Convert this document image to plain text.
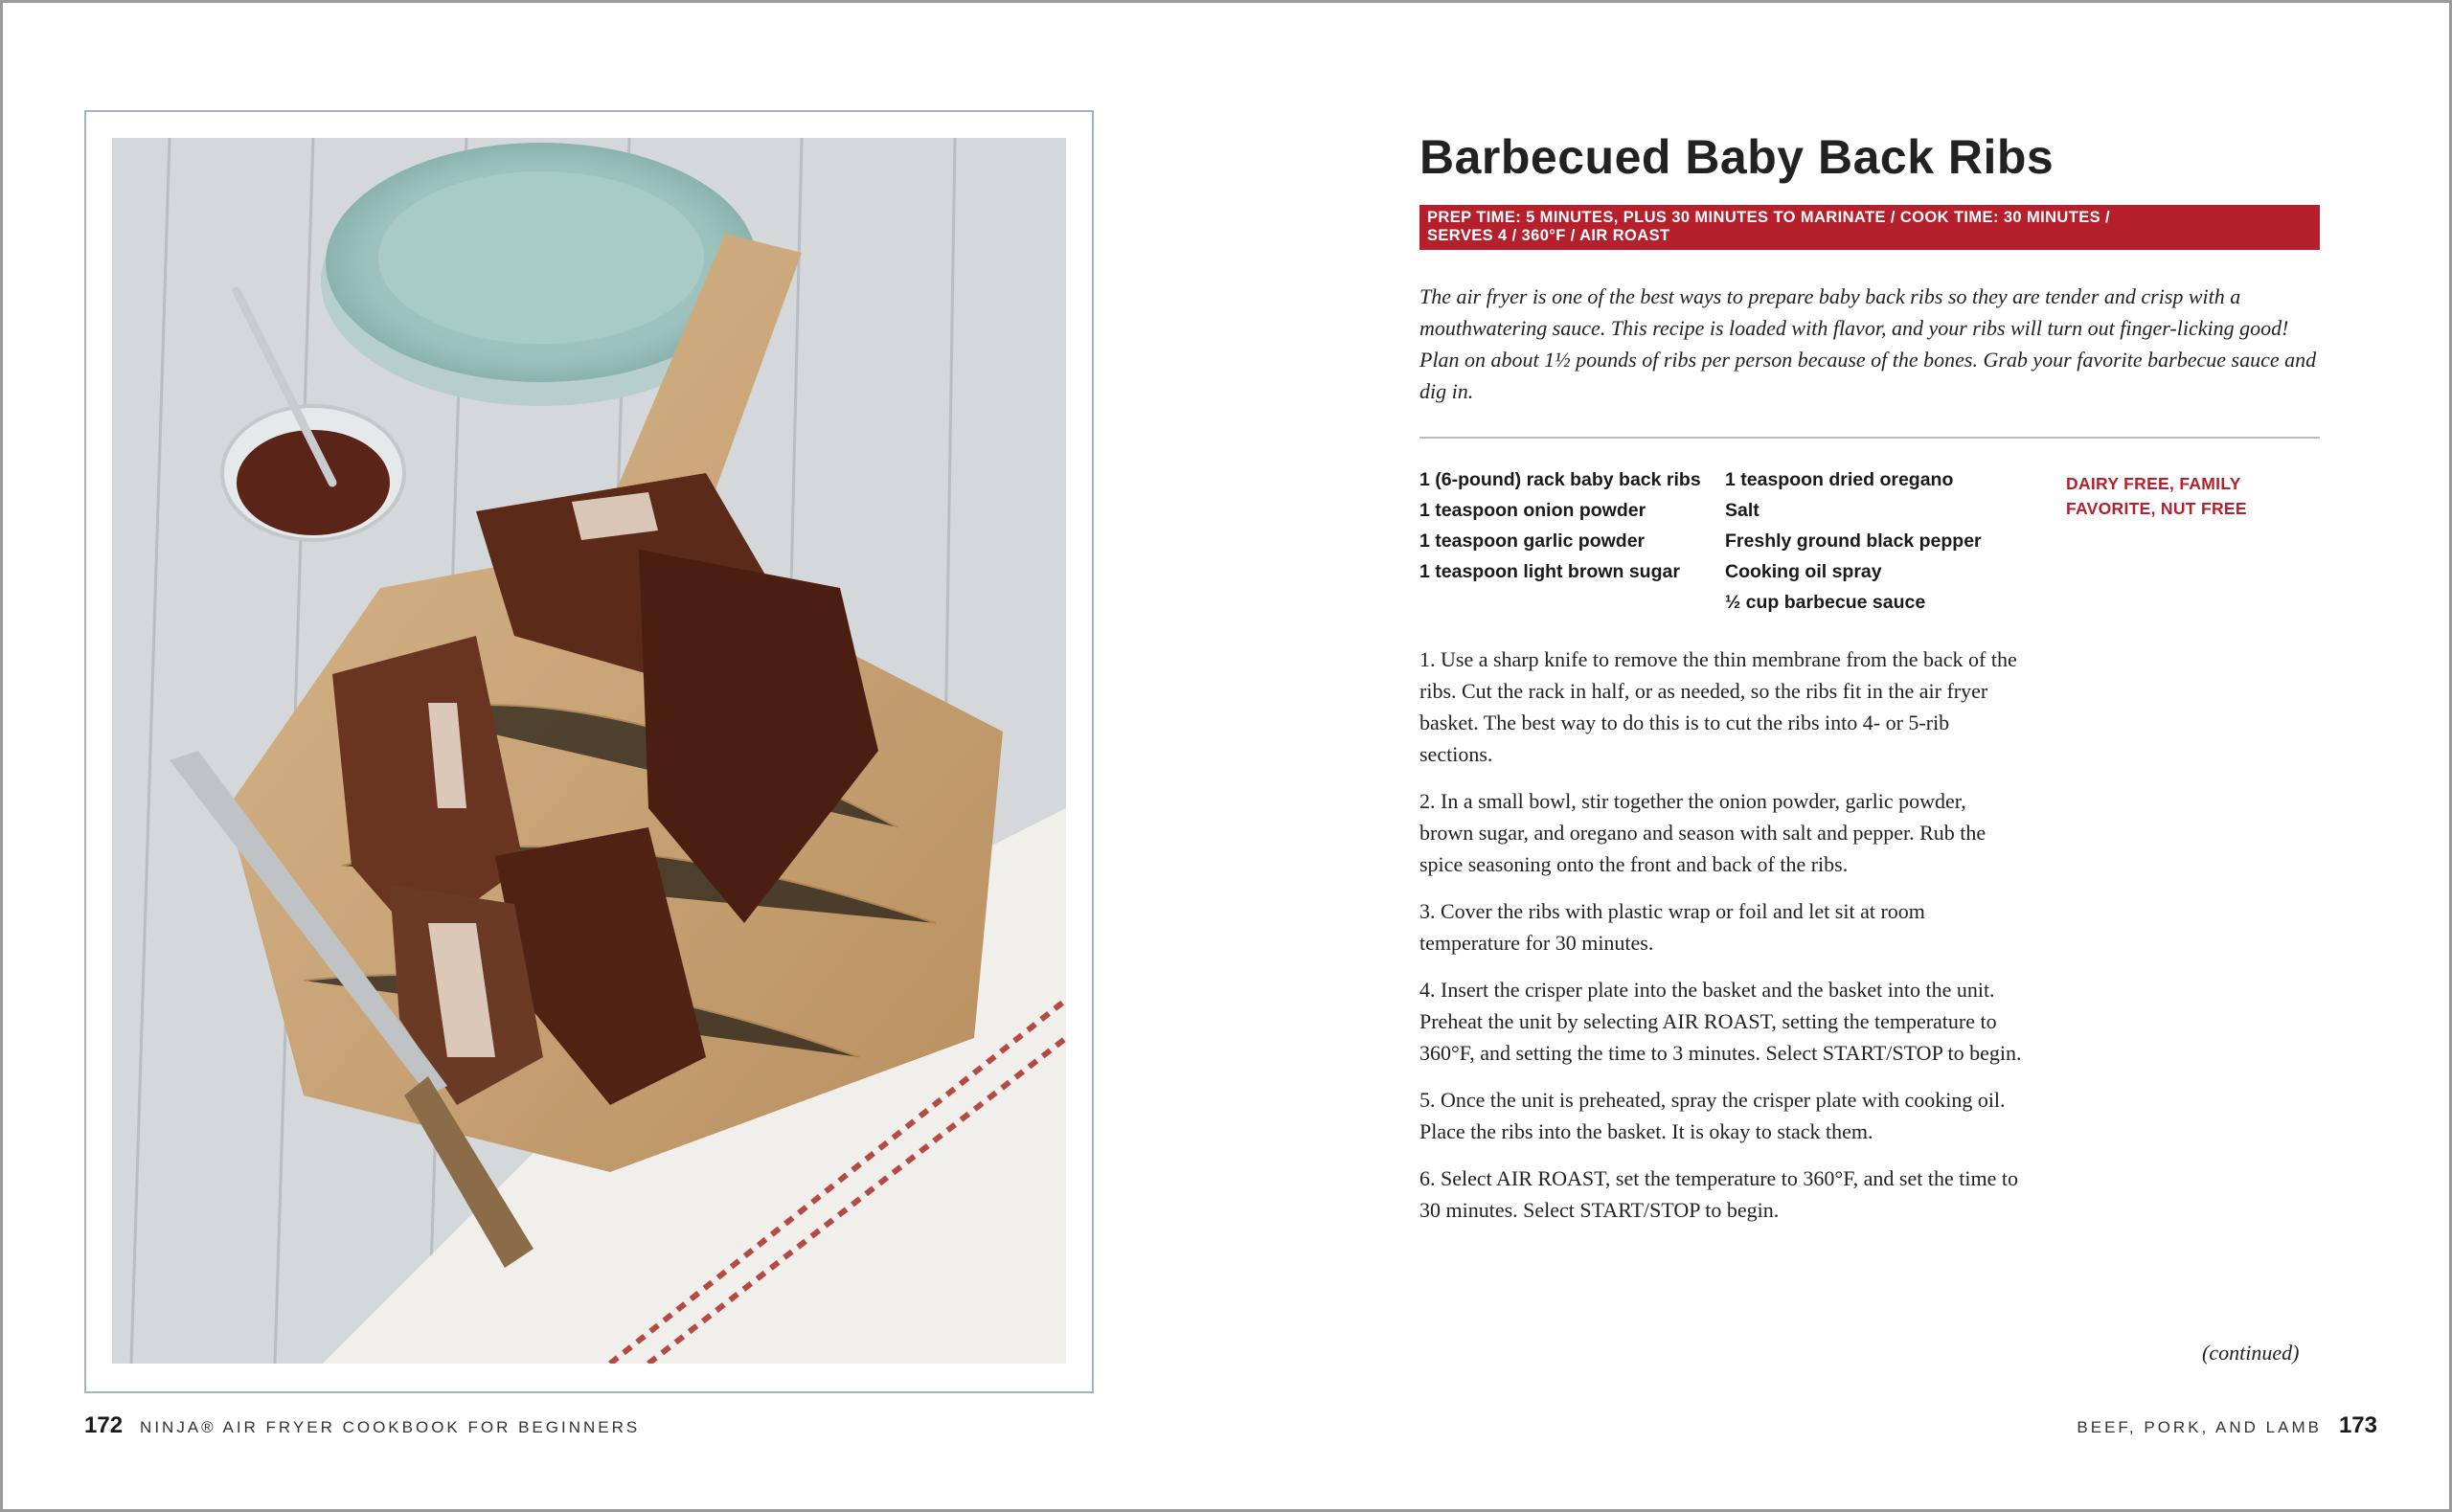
172 NINJA® AIR FRYER COOKBOOK FOR BEGINNERS
Barbecued Baby Back Ribs
PREP TIME: 5 MINUTES, PLUS 30 MINUTES TO MARINATE / COOK TIME: 30 MINUTES /
SERVES 4 / 360°F / AIR ROAST

The air fryer is one of the best ways to prepare baby back ribs so they are tender and crisp with a mouthwatering sauce. This recipe is loaded with flavor, and your ribs will turn out finger-licking good! Plan on about 1½ pounds of ribs per person because of the bones. Grab your favorite barbecue sauce and dig in.

1 (6-pound) rack baby back ribs
1 teaspoon onion powder
1 teaspoon garlic powder
1 teaspoon light brown sugar
1 teaspoon dried oregano
Salt
Freshly ground black pepper
Cooking oil spray
½ cup barbecue sauce
DAIRY FREE, FAMILY FAVORITE, NUT FREE

1. Use a sharp knife to remove the thin membrane from the back of the ribs. Cut the rack in half, or as needed, so the ribs fit in the air fryer basket. The best way to do this is to cut the ribs into 4- or 5-rib sections.

2. In a small bowl, stir together the onion powder, garlic powder, brown sugar, and oregano and season with salt and pepper. Rub the spice seasoning onto the front and back of the ribs.

3. Cover the ribs with plastic wrap or foil and let sit at room temperature for 30 minutes.

4. Insert the crisper plate into the basket and the basket into the unit. Preheat the unit by selecting AIR ROAST, setting the temperature to 360°F, and setting the time to 3 minutes. Select START/STOP to begin.

5. Once the unit is preheated, spray the crisper plate with cooking oil. Place the ribs into the basket. It is okay to stack them.

6. Select AIR ROAST, set the temperature to 360°F, and set the time to 30 minutes. Select START/STOP to begin.

(continued)
BEEF, PORK, AND LAMB 173
